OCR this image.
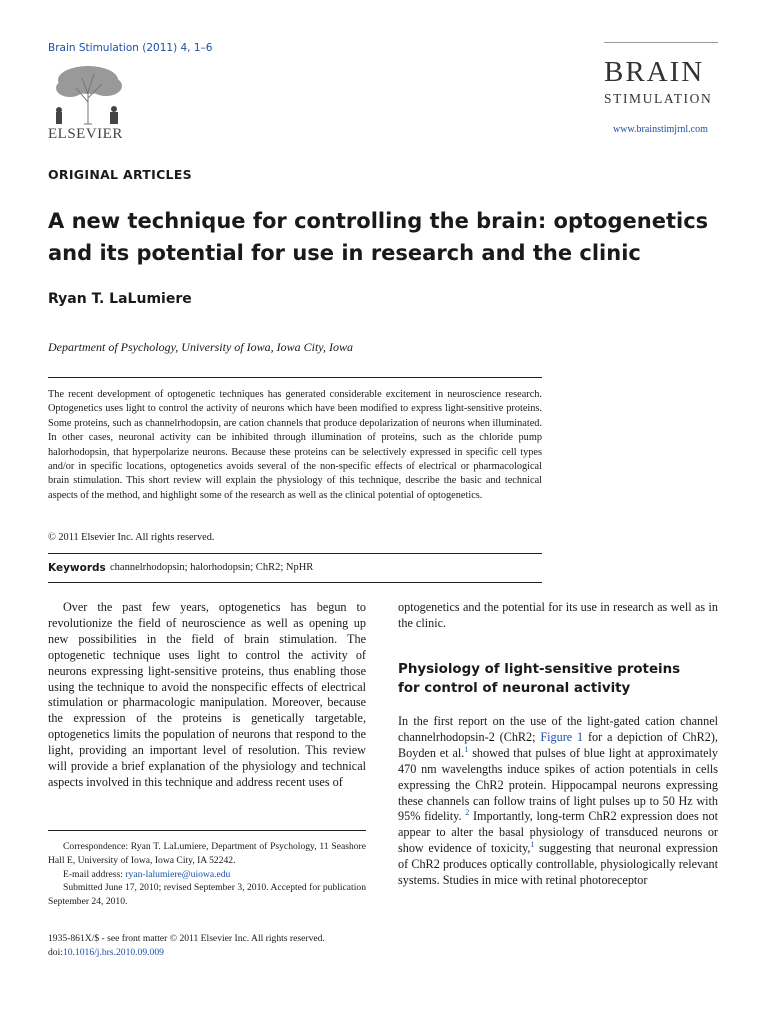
Brain Stimulation (2011) 4, 1–6
ELSEVIER
BRAIN
STIMULATION
www.brainstimjrnl.com
ORIGINAL ARTICLES
A new technique for controlling the brain: optogenetics and its potential for use in research and the clinic
Ryan T. LaLumiere
Department of Psychology, University of Iowa, Iowa City, Iowa
The recent development of optogenetic techniques has generated considerable excitement in neuroscience research. Optogenetics uses light to control the activity of neurons which have been modified to express light-sensitive proteins. Some proteins, such as channelrhodopsin, are cation channels that produce depolarization of neurons when illuminated. In other cases, neuronal activity can be inhibited through illumination of proteins, such as the chloride pump halorhodopsin, that hyperpolarize neurons. Because these proteins can be selectively expressed in specific cell types and/or in specific locations, optogenetics avoids several of the non-specific effects of electrical or pharmacological brain stimulation. This short review will explain the physiology of this technique, describe the basic and technical aspects of the method, and highlight some of the research as well as the clinical potential of optogenetics.
© 2011 Elsevier Inc. All rights reserved.
Keywords channelrhodopsin; halorhodopsin; ChR2; NpHR

Over the past few years, optogenetics has begun to revolutionize the field of neuroscience as well as opening up new possibilities in the field of brain stimulation. The optogenetic technique uses light to control the activity of neurons expressing light-sensitive proteins, thus enabling those using the technique to avoid the nonspecific effects of electrical stimulation or pharmacologic manipulation. Moreover, because the expression of the proteins is genetically targetable, optogenetics limits the population of neurons that respond to the light, providing an important level of resolution. This review will provide a brief explanation of the physiology and technical aspects involved in this technique and address recent uses of

optogenetics and the potential for its use in research as well as in the clinic.
Physiology of light-sensitive proteins
for control of neuronal activity
In the first report on the use of the light-gated cation channel channelrhodopsin-2 (ChR2; Figure 1 for a depiction of ChR2), Boyden et al.$^1$ showed that pulses of blue light at approximately 470 nm wavelengths induce spikes of action potentials in cells expressing the ChR2 protein. Hippocampal neurons expressing these channels can follow trains of light pulses up to 50 Hz with 95% fidelity. $^2$ Importantly, long-term ChR2 expression does not appear to alter the basal physiology of transduced neurons or show evidence of toxicity,$^1$ suggesting that neuronal expression of ChR2 produces optically controllable, physiologically relevant systems. Studies in mice with retinal photoreceptor
Correspondence: Ryan T. LaLumiere, Department of Psychology, 11 Seashore Hall E, University of Iowa, Iowa City, IA 52242.
E-mail address: ryan-lalumiere@uiowa.edu
Submitted June 17, 2010; revised September 3, 2010. Accepted for publication September 24, 2010.
1935-861X/$ - see front matter © 2011 Elsevier Inc. All rights reserved.
doi:10.1016/j.brs.2010.09.009
